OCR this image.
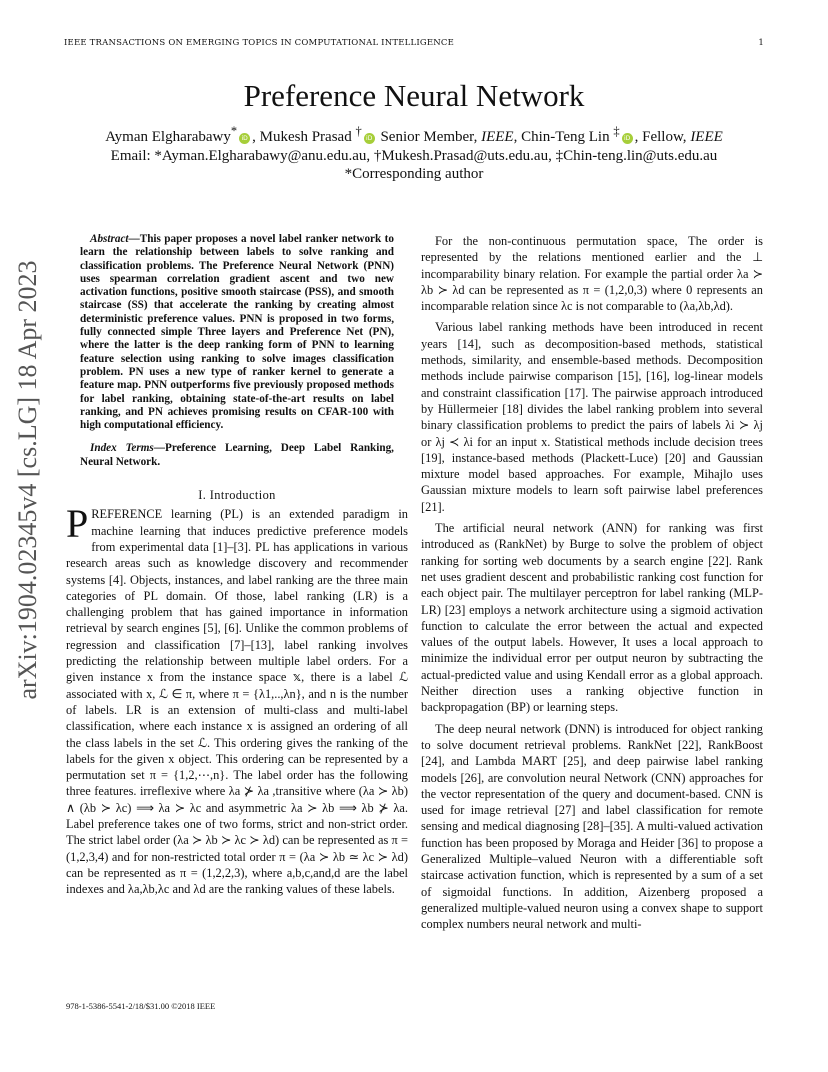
IEEE TRANSACTIONS ON EMERGING TOPICS IN COMPUTATIONAL INTELLIGENCE	1
arXiv:1904.02345v4 [cs.LG] 18 Apr 2023
Preference Neural Network
Ayman Elgharabawy*iD , Mukesh Prasad †iD Senior Member, IEEE, Chin-Teng Lin ‡iD , Fellow, IEEE
Email: *Ayman.Elgharabawy@anu.edu.au, †Mukesh.Prasad@uts.edu.au, ‡Chin-teng.lin@uts.edu.au
*Corresponding author
Abstract—This paper proposes a novel label ranker network to learn the relationship between labels to solve ranking and classification problems. The Preference Neural Network (PNN) uses spearman correlation gradient ascent and two new activation functions, positive smooth staircase (PSS), and smooth staircase (SS) that accelerate the ranking by creating almost deterministic preference values. PNN is proposed in two forms, fully connected simple Three layers and Preference Net (PN), where the latter is the deep ranking form of PNN to learning feature selection using ranking to solve images classification problem. PN uses a new type of ranker kernel to generate a feature map. PNN outperforms five previously proposed methods for label ranking, obtaining state-of-the-art results on label ranking, and PN achieves promising results on CFAR-100 with high computational efficiency.
Index Terms—Preference Learning, Deep Label Ranking, Neural Network.
I. Introduction
PREFERENCE learning (PL) is an extended paradigm in machine learning that induces predictive preference models from experimental data [1]–[3]. PL has applications in various research areas such as knowledge discovery and recommender systems [4]. Objects, instances, and label ranking are the three main categories of PL domain. Of those, label ranking (LR) is a challenging problem that has gained importance in information retrieval by search engines [5], [6]. Unlike the common problems of regression and classification [7]–[13], label ranking involves predicting the relationship between multiple label orders. For a given instance x from the instance space 𝕩, there is a label ℒ associated with x, ℒ ∈ π, where π = {λ1,..,λn}, and n is the number of labels. LR is an extension of multi-class and multi-label classification, where each instance x is assigned an ordering of all the class labels in the set ℒ. This ordering gives the ranking of the labels for the given x object. This ordering can be represented by a permutation set π = {1,2,⋯,n}. The label order has the following three features. irreflexive where λa ⊁ λa ,transitive where (λa ≻ λb) ∧ (λb ≻ λc) ⟹ λa ≻ λc and asymmetric λa ≻ λb ⟹ λb ⊁ λa. Label preference takes one of two forms, strict and non-strict order. The strict label order (λa ≻ λb ≻ λc ≻ λd) can be represented as π = (1,2,3,4) and for non-restricted total order π = (λa ≻ λb ≃ λc ≻ λd) can be represented as π = (1,2,2,3), where a,b,c,and,d are the label indexes and λa,λb,λc and λd are the ranking values of these labels.
For the non-continuous permutation space, The order is represented by the relations mentioned earlier and the ⊥ incomparability binary relation. For example the partial order λa ≻ λb ≻ λd can be represented as π = (1,2,0,3) where 0 represents an incomparable relation since λc is not comparable to (λa,λb,λd).
Various label ranking methods have been introduced in recent years [14], such as decomposition-based methods, statistical methods, similarity, and ensemble-based methods. Decomposition methods include pairwise comparison [15], [16], log-linear models and constraint classification [17]. The pairwise approach introduced by Hüllermeier [18] divides the label ranking problem into several binary classification problems to predict the pairs of labels λi ≻ λj or λj ≺ λi for an input x. Statistical methods include decision trees [19], instance-based methods (Plackett-Luce) [20] and Gaussian mixture model based approaches. For example, Mihajlo uses Gaussian mixture models to learn soft pairwise label preferences [21].
The artificial neural network (ANN) for ranking was first introduced as (RankNet) by Burge to solve the problem of object ranking for sorting web documents by a search engine [22]. Rank net uses gradient descent and probabilistic ranking cost function for each object pair. The multilayer perceptron for label ranking (MLP-LR) [23] employs a network architecture using a sigmoid activation function to calculate the error between the actual and expected values of the output labels. However, It uses a local approach to minimize the individual error per output neuron by subtracting the actual-predicted value and using Kendall error as a global approach. Neither direction uses a ranking objective function in backpropagation (BP) or learning steps.
The deep neural network (DNN) is introduced for object ranking to solve document retrieval problems. RankNet [22], RankBoost [24], and Lambda MART [25], and deep pairwise label ranking models [26], are convolution neural Network (CNN) approaches for the vector representation of the query and document-based. CNN is used for image retrieval [27] and label classification for remote sensing and medical diagnosing [28]–[35]. A multi-valued activation function has been proposed by Moraga and Heider [36] to propose a Generalized Multiple–valued Neuron with a differentiable soft staircase activation function, which is represented by a sum of a set of sigmoidal functions. In addition, Aizenberg proposed a generalized multiple-valued neuron using a convex shape to support complex numbers neural network and multi-
978-1-5386-5541-2/18/$31.00 ©2018 IEEE
